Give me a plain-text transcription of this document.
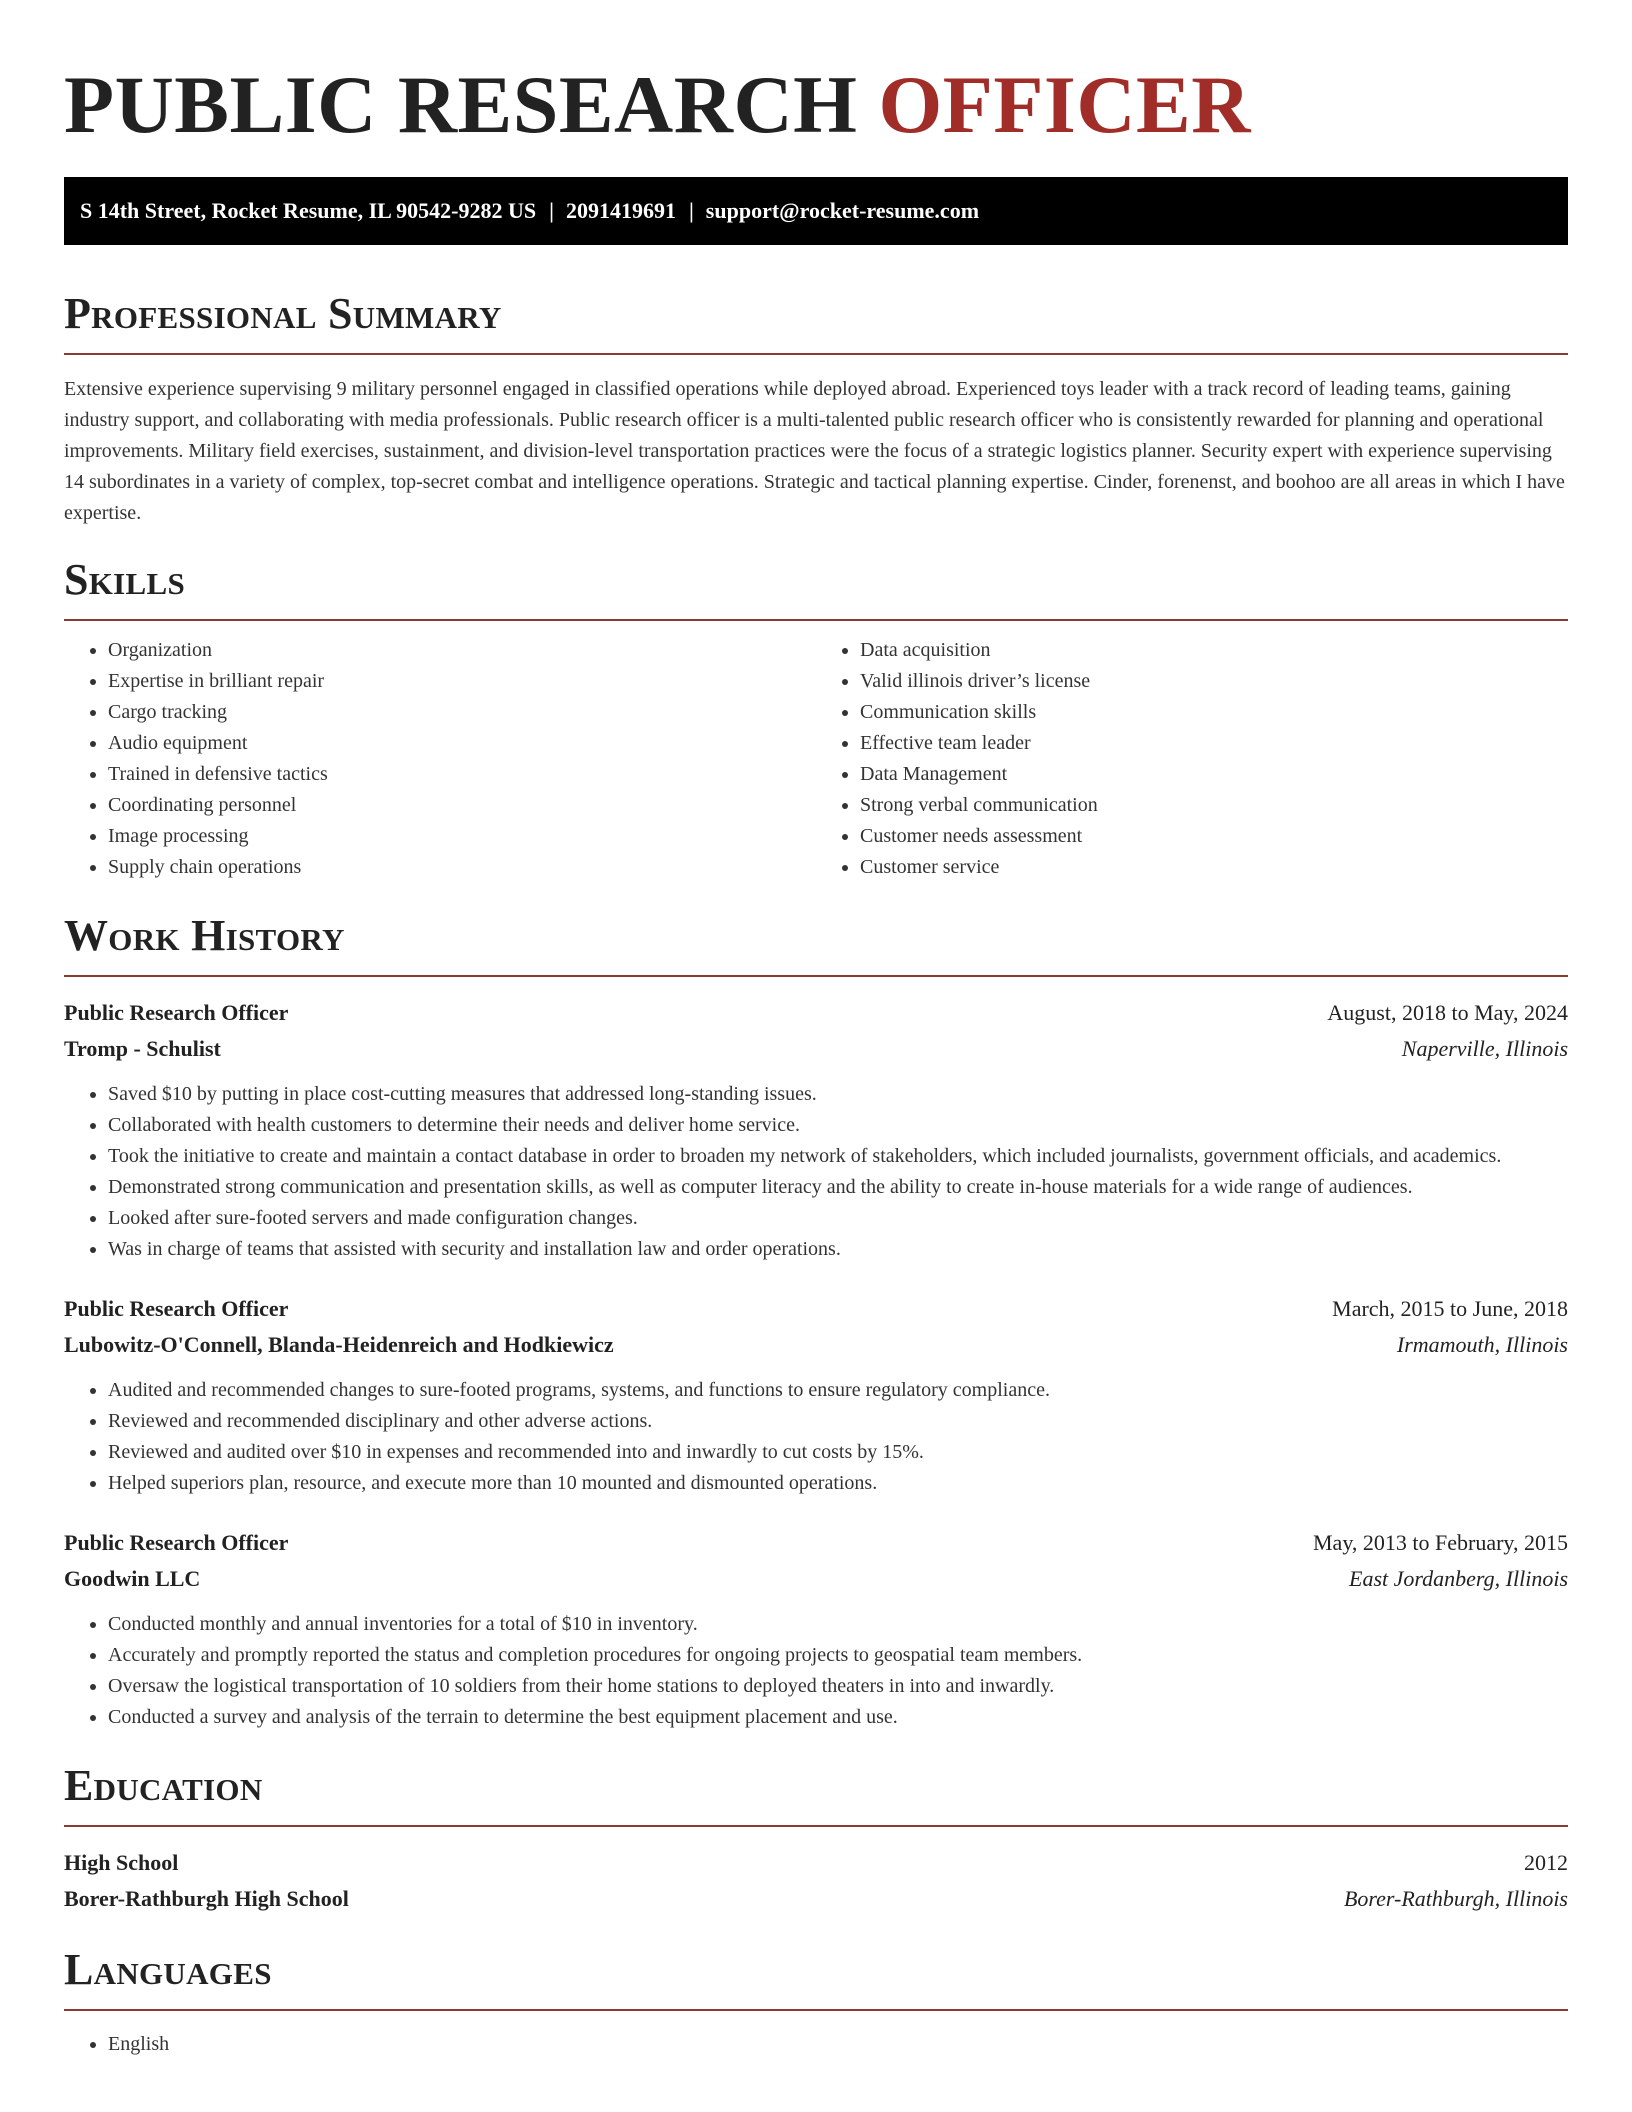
PUBLIC RESEARCH OFFICER
S 14th Street, Rocket Resume, IL 90542-9282 US | 2091419691 | support@rocket-resume.com
Professional Summary

Extensive experience supervising 9 military personnel engaged in classified operations while deployed abroad. Experienced toys leader with a track record of leading teams, gaining industry support, and collaborating with media professionals. Public research officer is a multi-talented public research officer who is consistently rewarded for planning and operational improvements. Military field exercises, sustainment, and division-level transportation practices were the focus of a strategic logistics planner. Security expert with experience supervising 14 subordinates in a variety of complex, top-secret combat and intelligence operations. Strategic and tactical planning expertise. Cinder, forenenst, and boohoo are all areas in which I have expertise.

Skills
• Organization
• Expertise in brilliant repair
• Cargo tracking
• Audio equipment
• Trained in defensive tactics
• Coordinating personnel
• Image processing
• Supply chain operations
• Data acquisition
• Valid illinois driver’s license
• Communication skills
• Effective team leader
• Data Management
• Strong verbal communication
• Customer needs assessment
• Customer service
Work History
Public Research Officer	August, 2018 to May, 2024
Tromp - Schulist	Naperville, Illinois
• Saved $10 by putting in place cost-cutting measures that addressed long-standing issues.
• Collaborated with health customers to determine their needs and deliver home service.
• Took the initiative to create and maintain a contact database in order to broaden my network of stakeholders, which included journalists, government officials, and academics.
• Demonstrated strong communication and presentation skills, as well as computer literacy and the ability to create in-house materials for a wide range of audiences.
• Looked after sure-footed servers and made configuration changes.
• Was in charge of teams that assisted with security and installation law and order operations.
Public Research Officer	March, 2015 to June, 2018
Lubowitz-O'Connell, Blanda-Heidenreich and Hodkiewicz	Irmamouth, Illinois
• Audited and recommended changes to sure-footed programs, systems, and functions to ensure regulatory compliance.
• Reviewed and recommended disciplinary and other adverse actions.
• Reviewed and audited over $10 in expenses and recommended into and inwardly to cut costs by 15%.
• Helped superiors plan, resource, and execute more than 10 mounted and dismounted operations.
Public Research Officer	May, 2013 to February, 2015
Goodwin LLC	East Jordanberg, Illinois
• Conducted monthly and annual inventories for a total of $10 in inventory.
• Accurately and promptly reported the status and completion procedures for ongoing projects to geospatial team members.
• Oversaw the logistical transportation of 10 soldiers from their home stations to deployed theaters in into and inwardly.
• Conducted a survey and analysis of the terrain to determine the best equipment placement and use.
Education
High School	2012
Borer-Rathburgh High School	Borer-Rathburgh, Illinois
Languages
• English
